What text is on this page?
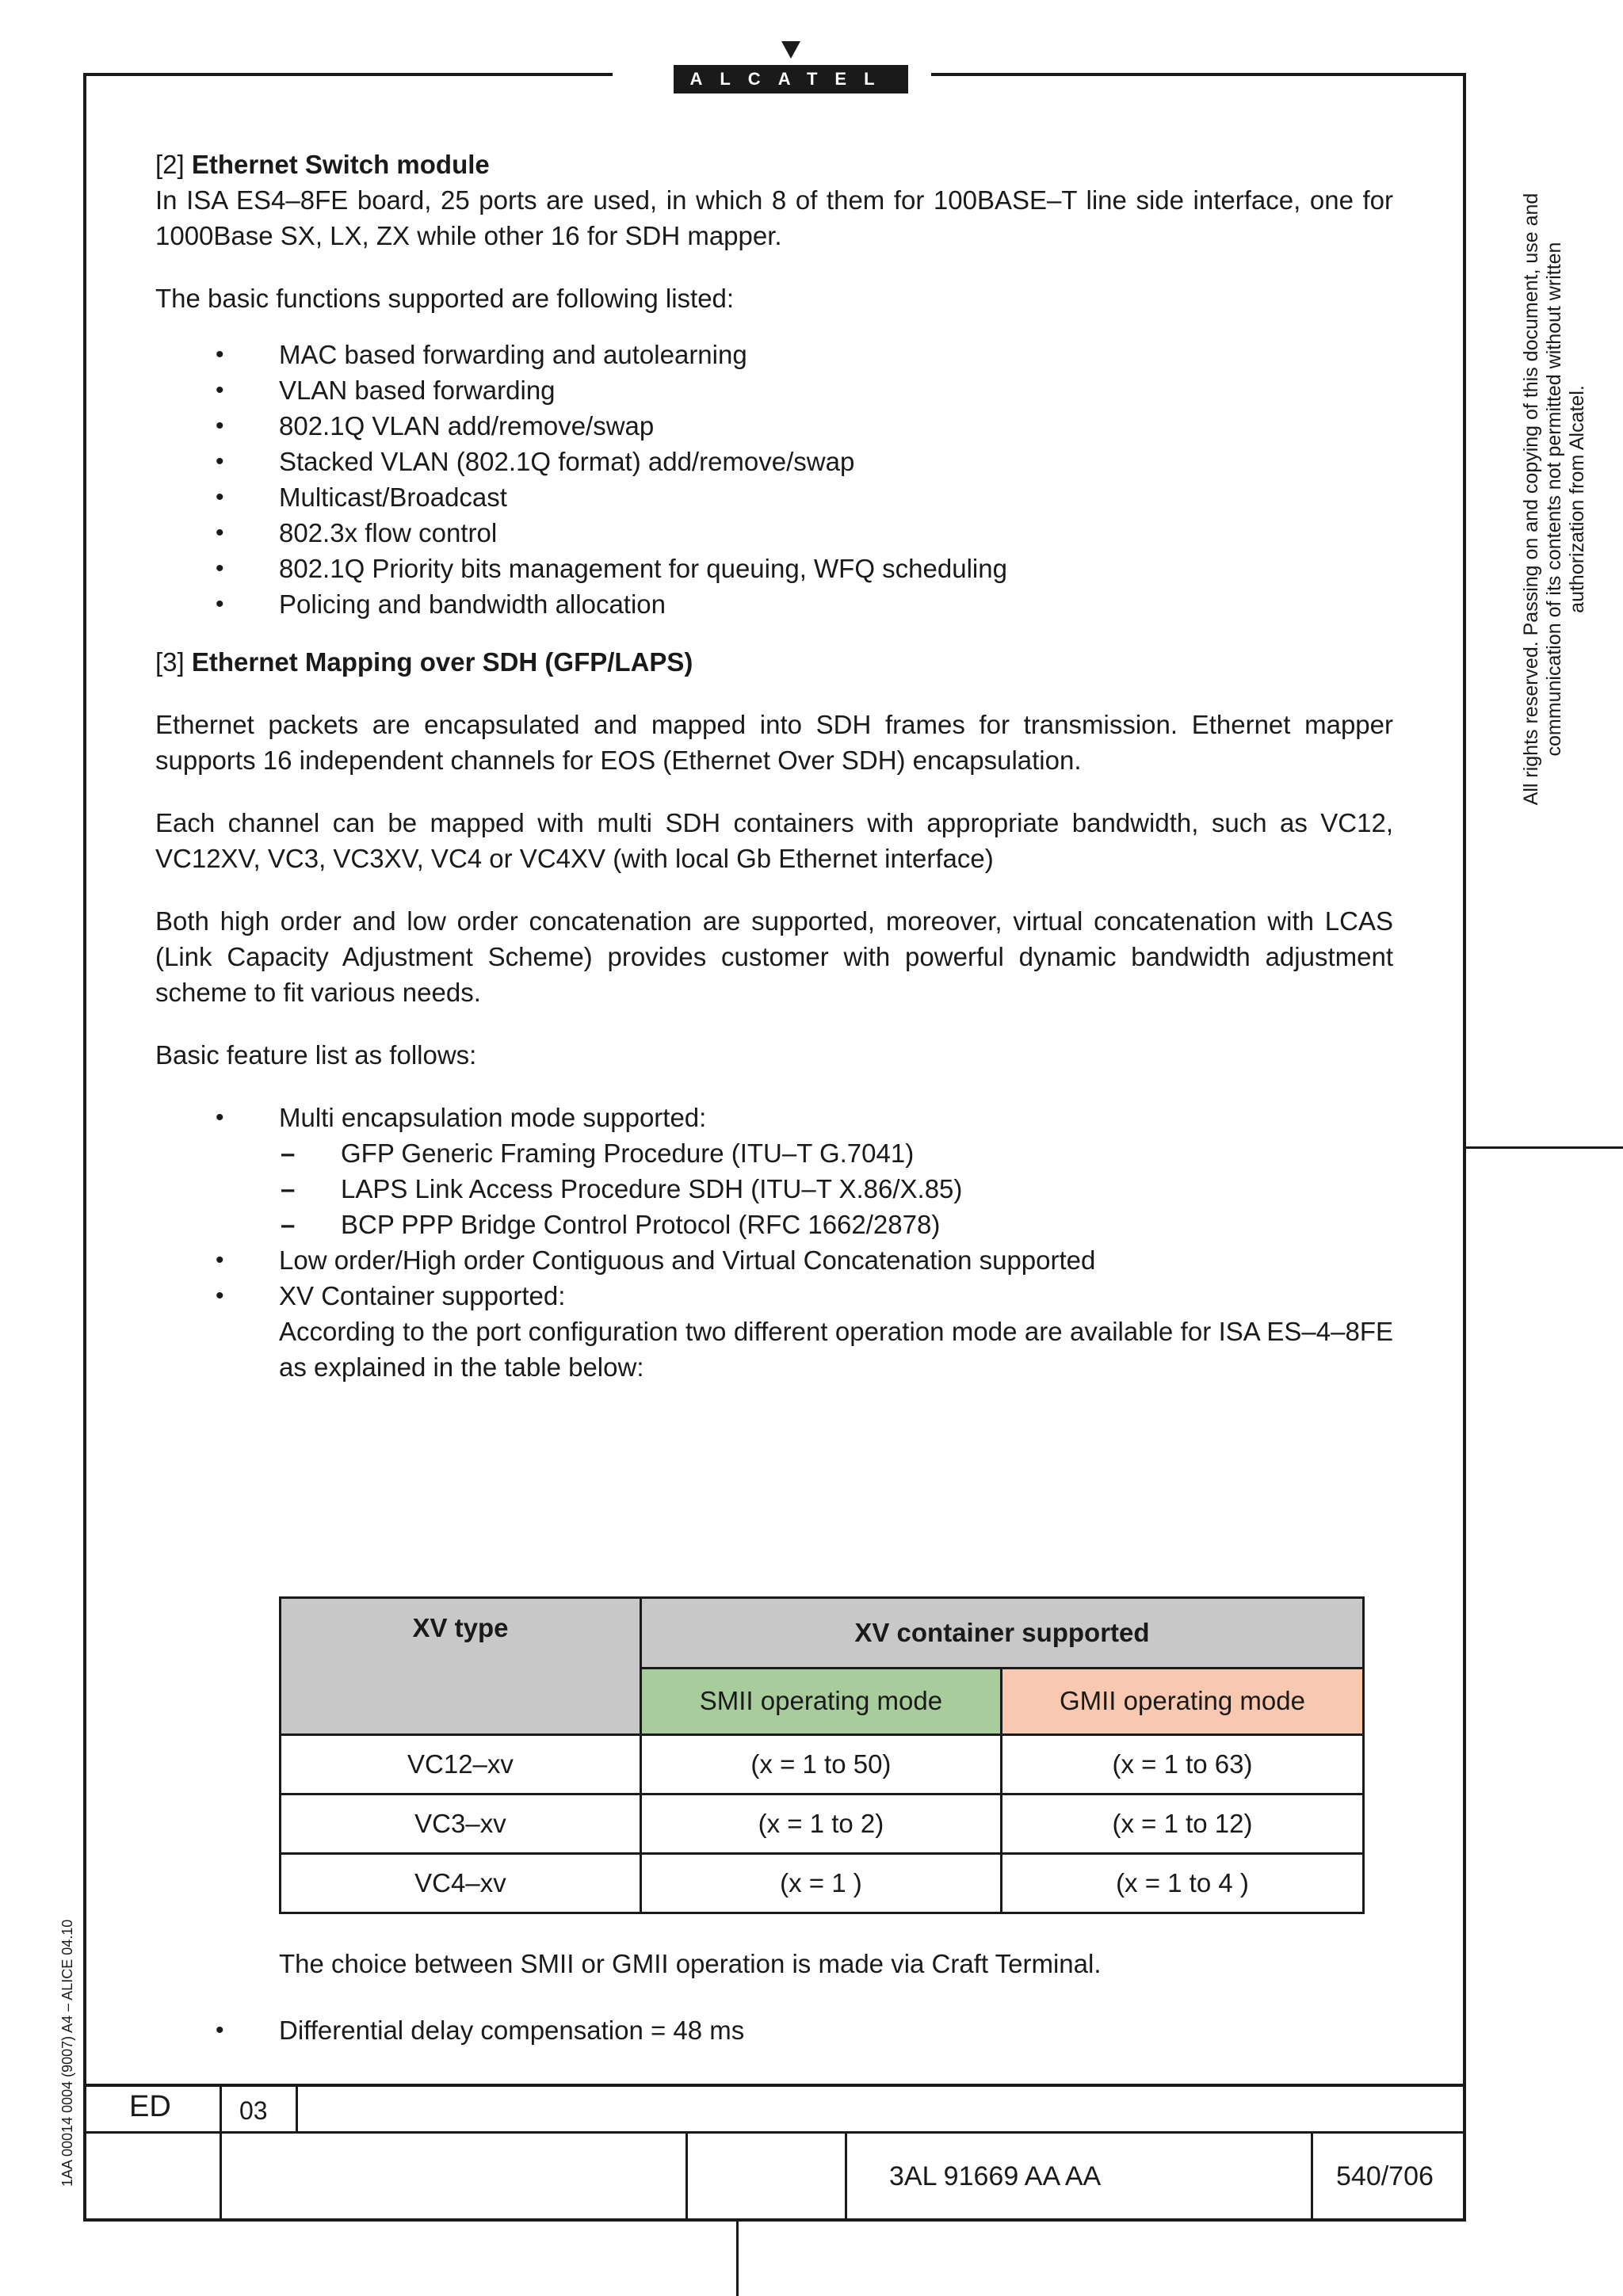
ALCATEL

[2] Ethernet Switch module

In ISA ES4–8FE board, 25 ports are used, in which 8 of them for 100BASE–T line side interface, one for 1000Base SX, LX, ZX while other 16 for SDH mapper.

The basic functions supported are following listed:

• MAC based forwarding and autolearning
• VLAN based forwarding
• 802.1Q VLAN add/remove/swap
• Stacked VLAN (802.1Q format) add/remove/swap
• Multicast/Broadcast
• 802.3x flow control
• 802.1Q Priority bits management for queuing, WFQ scheduling
• Policing and bandwidth allocation

[3] Ethernet Mapping over SDH (GFP/LAPS)

Ethernet packets are encapsulated and mapped into SDH frames for transmission. Ethernet mapper supports 16 independent channels for EOS (Ethernet Over SDH) encapsulation.

Each channel can be mapped with multi SDH containers with appropriate bandwidth, such as VC12, VC12XV, VC3, VC3XV, VC4 or VC4XV (with local Gb Ethernet interface)

Both high order and low order concatenation are supported, moreover, virtual concatenation with LCAS (Link Capacity Adjustment Scheme) provides customer with powerful dynamic bandwidth adjustment scheme to fit various needs.

Basic feature list as follows:

• Multi encapsulation mode supported:

– GFP Generic Framing Procedure (ITU–T G.7041)

– LAPS Link Access Procedure SDH (ITU–T X.86/X.85)

– BCP PPP Bridge Control Protocol (RFC 1662/2878)

• Low order/High order Contiguous and Virtual Concatenation supported

• XV Container supported:
According to the port configuration two different operation mode are available for ISA ES–4–8FE as explained in the table below:
XV type	XV container supported	
	SMII operating mode	GMII operating mode
VC12–xv	(x = 1 to 50)	(x = 1 to 63)
VC3–xv	(x = 1 to 2)	(x = 1 to 12)
VC4–xv	(x = 1 )	(x = 1 to 4 )

The choice between SMII or GMII operation is made via Craft Terminal.

• Differential delay compensation = 48 ms
All rights reserved. Passing on and copying of this document, use and communication of its contents not permitted without written authorization from Alcatel.
1AA 00014 0004 (9007) A4 – ALICE 04.10 ED	03
3AL 91669 AA AA	540/706
